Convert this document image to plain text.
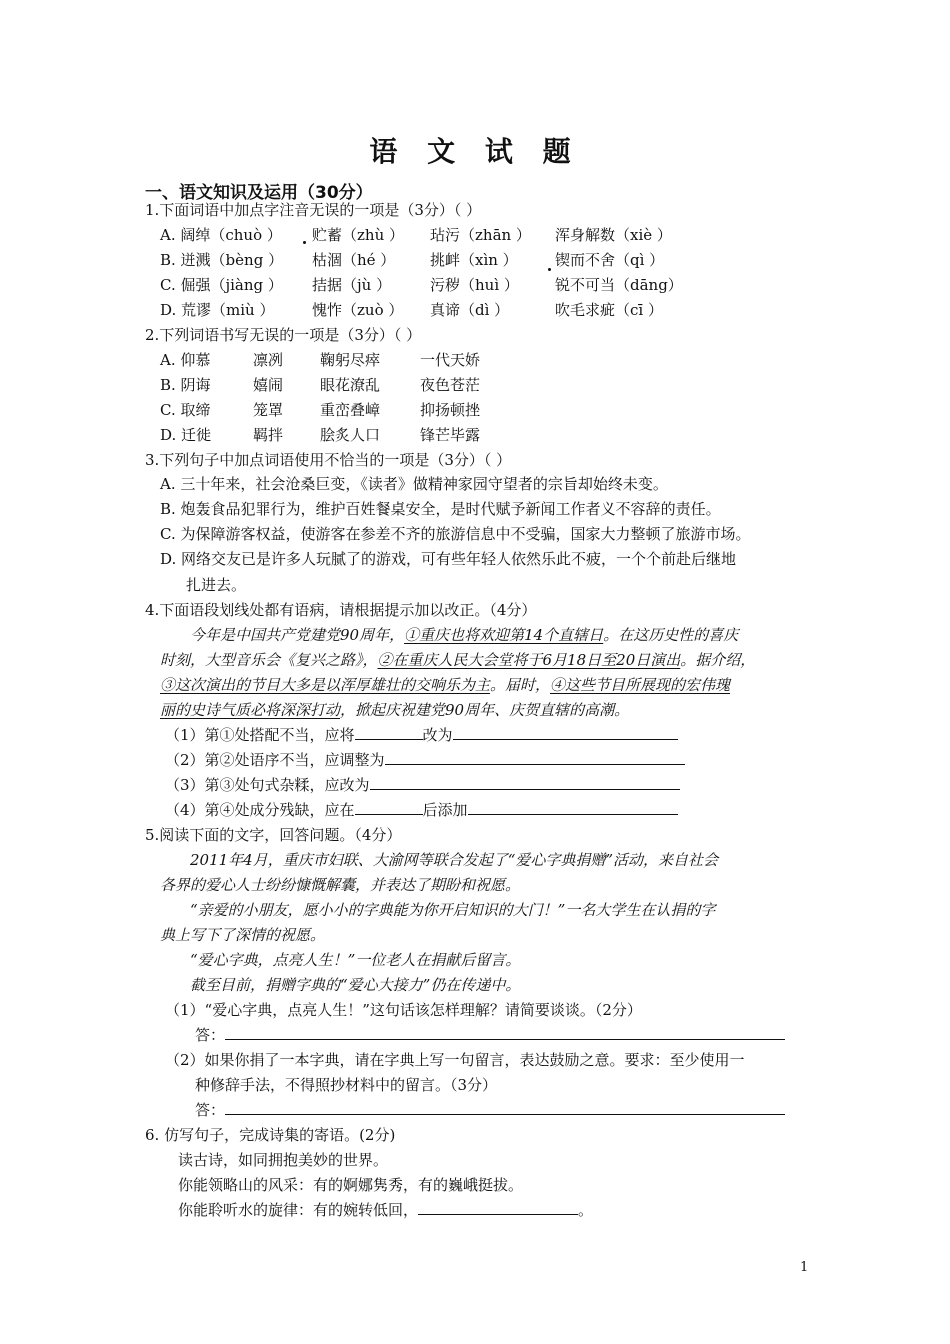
语 文 试 题
一、语文知识及运用（30分）
1.下面词语中加点字注音无误的一项是（3分）（ ）
A. 阔绰（chuò ） 贮蓄（zhù ） 玷污（zhān ） 浑身解数（xiè ）
B. 迸溅（bèng ） 枯涸（hé ） 挑衅（xìn ） 锲而不舍（qì ）
C. 倔强（jiàng ） 拮据（jù ）	污秽（huì ） 锐不可当（dāng）
D. 荒谬（miù ）	愧怍（zuò ） 真谛（dì ）	吹毛求疵（cī ）
2.下列词语书写无误的一项是（3分）（ ）
A. 仰慕	凛冽 鞠躬尽瘁	一代天娇
B. 阴诲	嬉闹 眼花潦乱	夜色苍茫
C. 取缔	笼罩 重峦叠嶂	抑扬顿挫
D. 迁徙	羁拌 脍炙人口	锋芒毕露
3.下列句子中加点词语使用不恰当的一项是（3分）（ ）
A. 三十年来，社会沧桑巨变，《读者》做精神家园守望者的宗旨却始终未变。
B. 炮轰食品犯罪行为，维护百姓餐桌安全，是时代赋予新闻工作者义不容辞的责任。
C. 为保障游客权益，使游客在参差不齐的旅游信息中不受骗，国家大力整顿了旅游市场。
D. 网络交友已是许多人玩腻了的游戏，可有些年轻人依然乐此不疲，一个个前赴后继地
扎进去。
4.下面语段划线处都有语病，请根据提示加以改正。（4分）
今年是中国共产党建党90周年，①重庆也将欢迎第14个直辖日。在这历史性的喜庆
时刻，大型音乐会《复兴之路》，②在重庆人民大会堂将于6月18日至20日演出。据介绍，
③这次演出的节目大多是以浑厚雄壮的交响乐为主。届时，④这些节目所展现的宏伟瑰
丽的史诗气质必将深深打动，掀起庆祝建党90周年、庆贺直辖的高潮。
（1）第①处搭配不当，应将	改为
（2）第②处语序不当，应调整为
（3）第③处句式杂糅，应改为
（4）第④处成分残缺，应在	后添加
5.阅读下面的文字，回答问题。（4分）
2011年4月，重庆市妇联、大渝网等联合发起了“爱心字典捐赠”活动，来自社会
各界的爱心人士纷纷慷慨解囊，并表达了期盼和祝愿。
“亲爱的小朋友，愿小小的字典能为你开启知识的大门！”一名大学生在认捐的字
典上写下了深情的祝愿。
“爱心字典，点亮人生！”一位老人在捐献后留言。
截至目前，捐赠字典的“爱心大接力”仍在传递中。
（1）“爱心字典，点亮人生！”这句话该怎样理解？请简要谈谈。（2分）
答：
（2）如果你捐了一本字典，请在字典上写一句留言，表达鼓励之意。要求：至少使用一
种修辞手法，不得照抄材料中的留言。（3分）
答：
6. 仿写句子，完成诗集的寄语。(2分)
读古诗，如同拥抱美妙的世界。
你能领略山的风采：有的婀娜隽秀，有的巍峨挺拔。
你能聆听水的旋律：有的婉转低回，	。
1
